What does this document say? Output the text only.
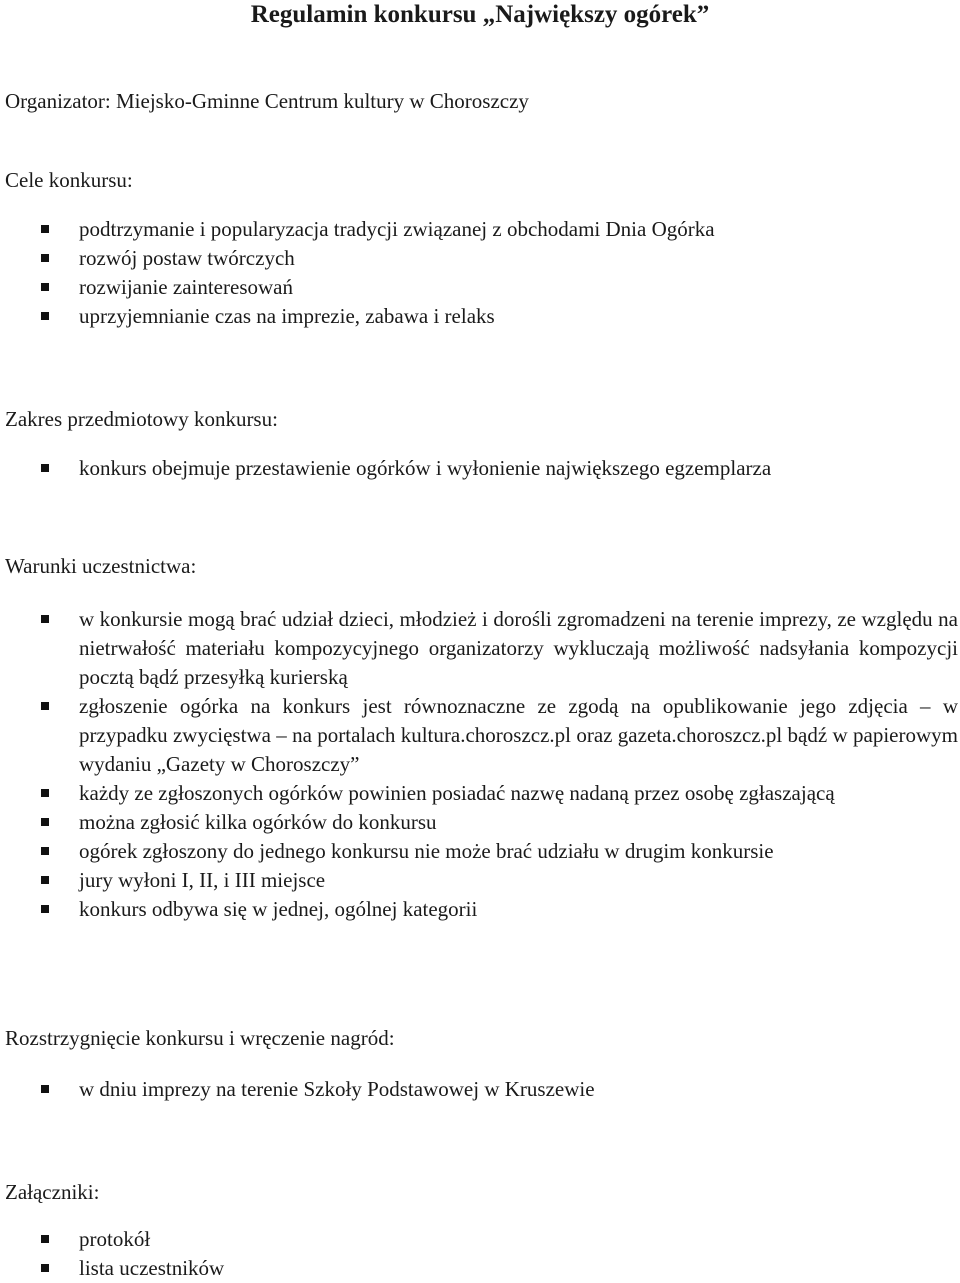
Regulamin konkursu „Największy ogórek”

Organizator: Miejsko-Gminne Centrum kultury w Choroszczy

Cele konkursu:

podtrzymanie i popularyzacja tradycji związanej z obchodami Dnia Ogórka
rozwój postaw twórczych
rozwijanie zainteresowań
uprzyjemnianie czas na imprezie, zabawa i relaks

Zakres przedmiotowy konkursu:

konkurs obejmuje przestawienie ogórków i wyłonienie największego egzemplarza

Warunki uczestnictwa:

w konkursie mogą brać udział dzieci, młodzież i dorośli zgromadzeni na terenie imprezy, ze względu na nietrwałość materiału kompozycyjnego organizatorzy wykluczają możliwość nadsyłania kompozycji pocztą bądź przesyłką kurierską
zgłoszenie ogórka na konkurs jest równoznaczne ze zgodą na opublikowanie jego zdjęcia – w przypadku zwycięstwa – na portalach kultura.choroszcz.pl oraz gazeta.choroszcz.pl bądź w papierowym wydaniu „Gazety w Choroszczy”
każdy ze zgłoszonych ogórków powinien posiadać nazwę nadaną przez osobę zgłaszającą
można zgłosić kilka ogórków do konkursu
ogórek zgłoszony do jednego konkursu nie może brać udziału w drugim konkursie
jury wyłoni I, II, i III miejsce
konkurs odbywa się w jednej, ogólnej kategorii

Rozstrzygnięcie konkursu i wręczenie nagród:

w dniu imprezy na terenie Szkoły Podstawowej w Kruszewie

Załączniki:

protokół
lista uczestników
